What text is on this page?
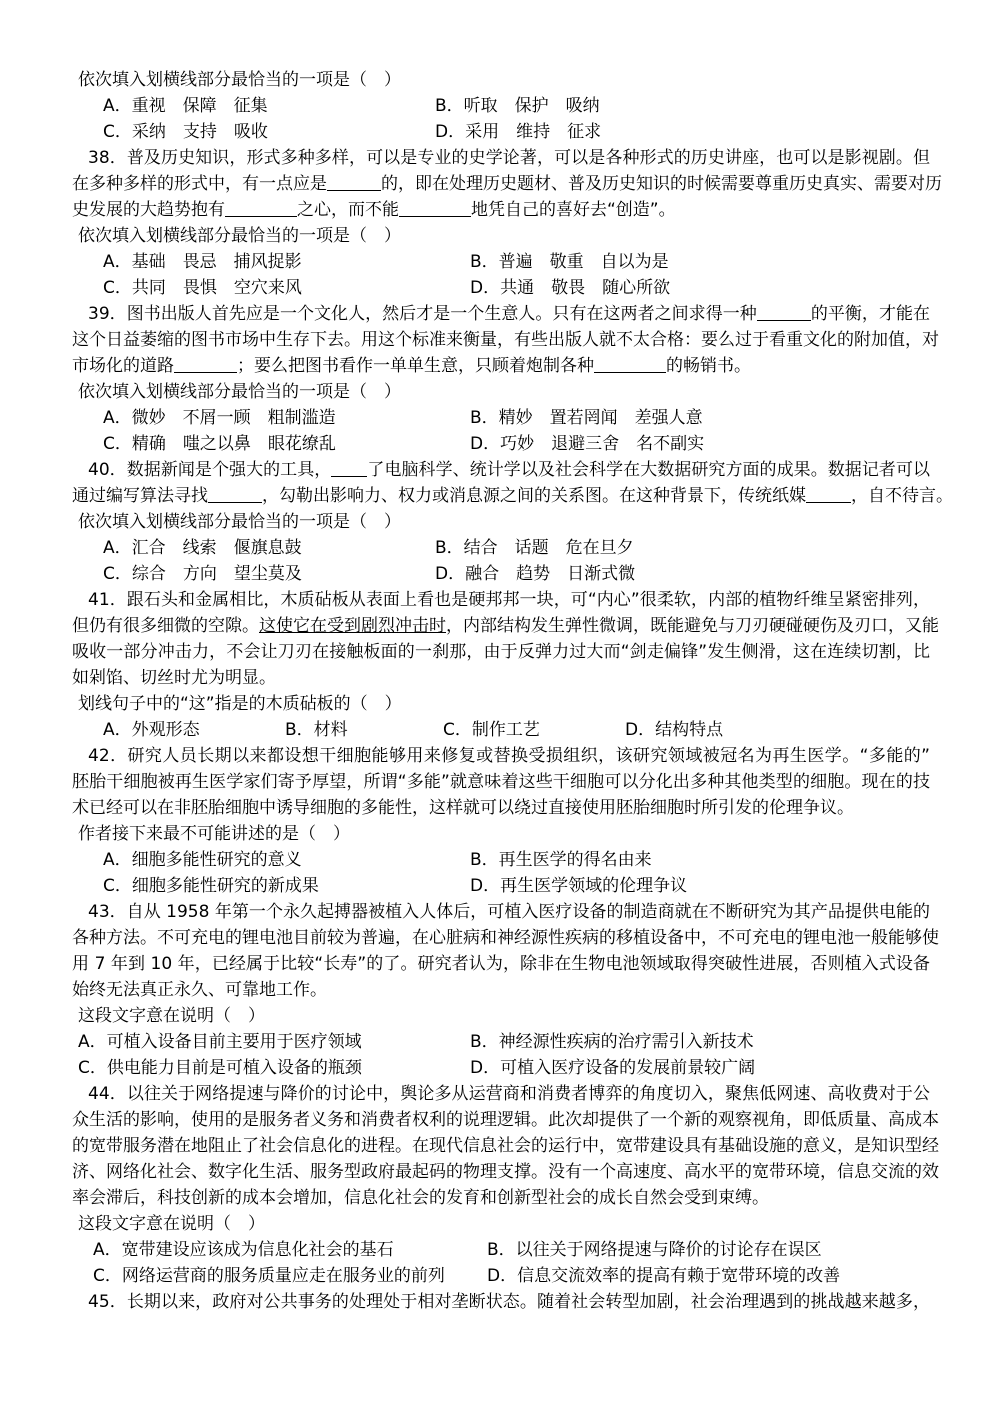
依次填入划横线部分最恰当的一项是（　）
A．重视　保障　征集	B．听取　保护　吸纳
C．采纳　支持　吸收	D．采用　维持　征求
38．普及历史知识，形式多种多样，可以是专业的史学论著，可以是各种形式的历史讲座，也可以是影视剧。但
在多种多样的形式中，有一点应是	的，即在处理历史题材、普及历史知识的时候需要尊重历史真实、需要对历
史发展的大趋势抱有	之心，而不能	地凭自己的喜好去“创造”。
依次填入划横线部分最恰当的一项是（　）
A．基础　畏忌　捕风捉影	B．普遍　敬重　自以为是
C．共同　畏惧　空穴来风	D．共通　敬畏　随心所欲
39．图书出版人首先应是一个文化人，然后才是一个生意人。只有在这两者之间求得一种	的平衡，才能在
这个日益萎缩的图书市场中生存下去。用这个标准来衡量，有些出版人就不太合格：要么过于看重文化的附加值，对
市场化的道路	；要么把图书看作一单单生意，只顾着炮制各种	的畅销书。
依次填入划横线部分最恰当的一项是（　）
A．微妙　不屑一顾　粗制滥造	B．精妙　置若罔闻　差强人意
C．精确　嗤之以鼻　眼花缭乱	D．巧妙　退避三舍　名不副实
40．数据新闻是个强大的工具， 了电脑科学、统计学以及社会科学在大数据研究方面的成果。数据记者可以
通过编写算法寻找	，勾勒出影响力、权力或消息源之间的关系图。在这种背景下，传统纸媒	，自不待言。
依次填入划横线部分最恰当的一项是（　）
A．汇合　线索　偃旗息鼓	B．结合　话题　危在旦夕
C．综合　方向　望尘莫及	D．融合　趋势　日渐式微
41．跟石头和金属相比，木质砧板从表面上看也是硬邦邦一块，可“内心”很柔软，内部的植物纤维呈紧密排列，
但仍有很多细微的空隙。这使它在受到剧烈冲击时，内部结构发生弹性微调，既能避免与刀刃硬碰硬伤及刃口，又能
吸收一部分冲击力，不会让刀刃在接触板面的一刹那，由于反弹力过大而“剑走偏锋”发生侧滑，这在连续切割，比
如剁馅、切丝时尤为明显。
划线句子中的“这”指是的木质砧板的（　）
A．外观形态	B．材料	C．制作工艺	D．结构特点
42．研究人员长期以来都设想干细胞能够用来修复或替换受损组织，该研究领域被冠名为再生医学。“多能的”
胚胎干细胞被再生医学家们寄予厚望，所谓“多能”就意味着这些干细胞可以分化出多种其他类型的细胞。现在的技
术已经可以在非胚胎细胞中诱导细胞的多能性，这样就可以绕过直接使用胚胎细胞时所引发的伦理争议。
作者接下来最不可能讲述的是（　）
A．细胞多能性研究的意义	B．再生医学的得名由来
C．细胞多能性研究的新成果	D．再生医学领域的伦理争议
43．自从 1958 年第一个永久起搏器被植入人体后，可植入医疗设备的制造商就在不断研究为其产品提供电能的
各种方法。不可充电的锂电池目前较为普遍，在心脏病和神经源性疾病的移植设备中，不可充电的锂电池一般能够使
用 7 年到 10 年，已经属于比较“长寿”的了。研究者认为，除非在生物电池领域取得突破性进展，否则植入式设备
始终无法真正永久、可靠地工作。
这段文字意在说明（　）
A．可植入设备目前主要用于医疗领域	B．神经源性疾病的治疗需引入新技术
C．供电能力目前是可植入设备的瓶颈	D．可植入医疗设备的发展前景较广阔
44．以往关于网络提速与降价的讨论中，舆论多从运营商和消费者博弈的角度切入，聚焦低网速、高收费对于公
众生活的影响，使用的是服务者义务和消费者权利的说理逻辑。此次却提供了一个新的观察视角，即低质量、高成本
的宽带服务潜在地阻止了社会信息化的进程。在现代信息社会的运行中，宽带建设具有基础设施的意义，是知识型经
济、网络化社会、数字化生活、服务型政府最起码的物理支撑。没有一个高速度、高水平的宽带环境，信息交流的效
率会滞后，科技创新的成本会增加，信息化社会的发育和创新型社会的成长自然会受到束缚。
这段文字意在说明（　）
A．宽带建设应该成为信息化社会的基石	B．以往关于网络提速与降价的讨论存在误区
C．网络运营商的服务质量应走在服务业的前列 D．信息交流效率的提高有赖于宽带环境的改善
45．长期以来，政府对公共事务的处理处于相对垄断状态。随着社会转型加剧，社会治理遇到的挑战越来越多，
